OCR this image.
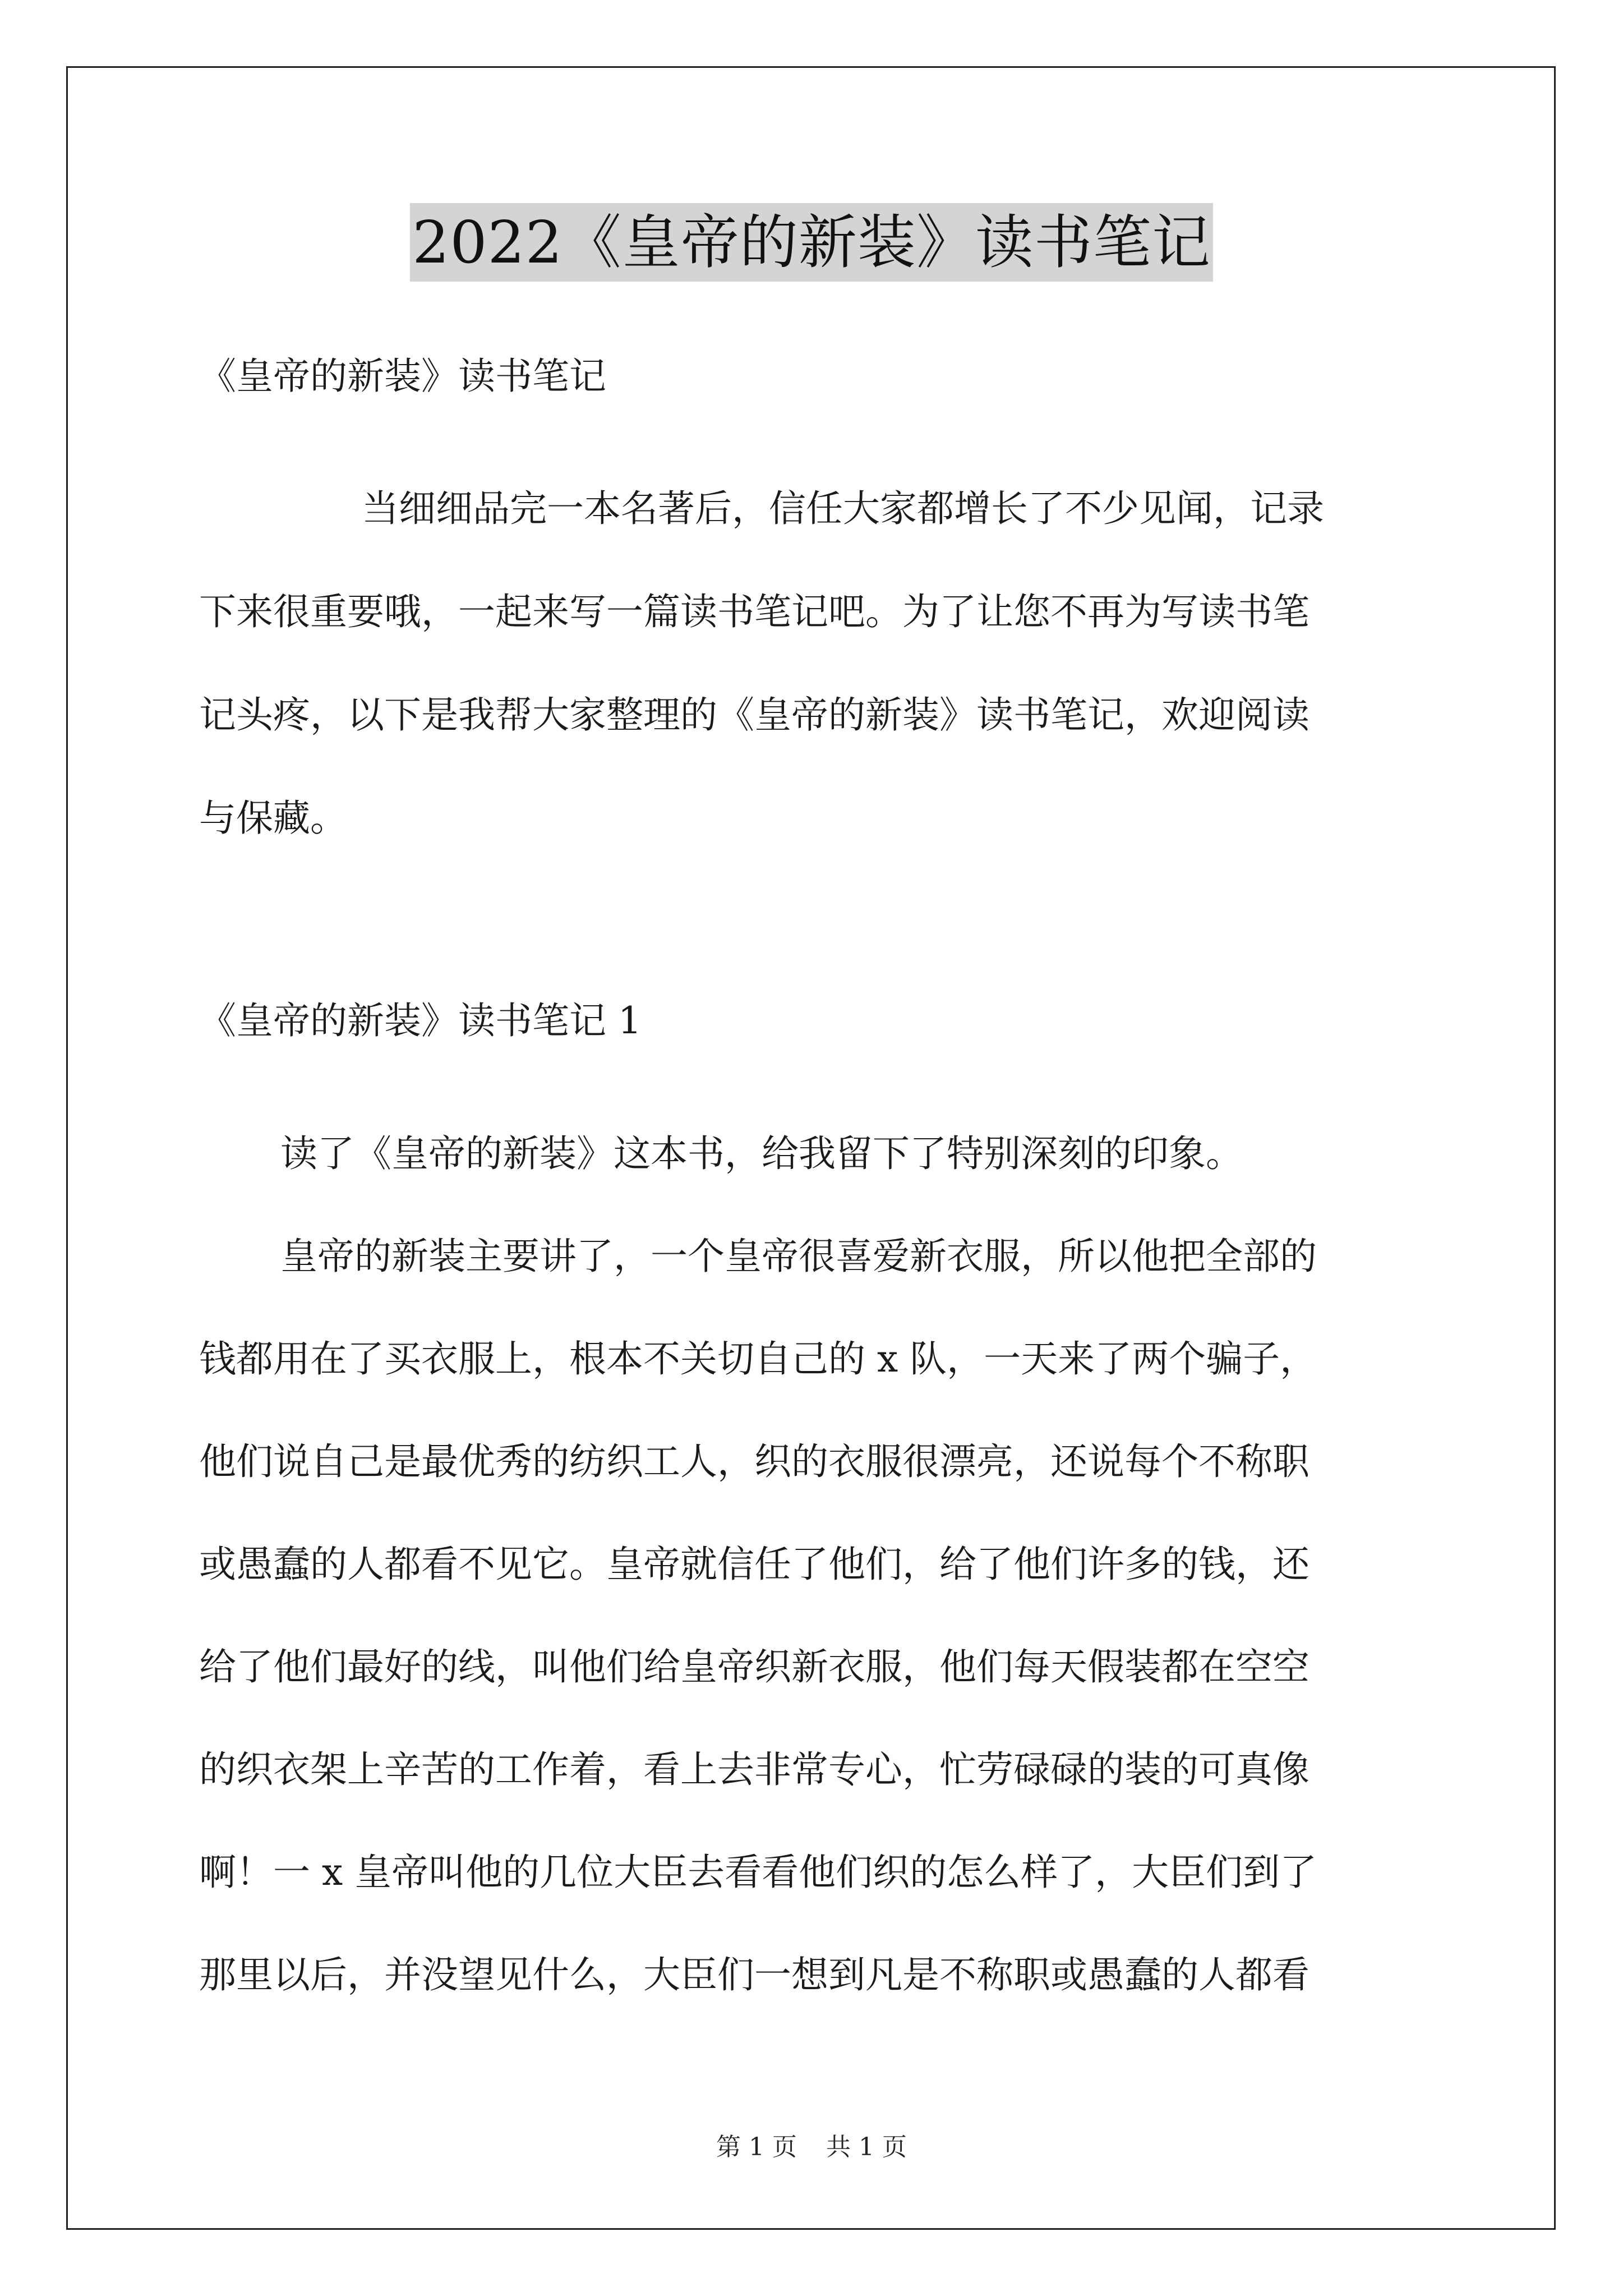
2022《皇帝的新装》读书笔记
《皇帝的新装》读书笔记
当细细品完一本名著后，信任大家都增长了不少见闻，记录
下来很重要哦，一起来写一篇读书笔记吧。为了让您不再为写读书笔
记头疼，以下是我帮大家整理的《皇帝的新装》读书笔记，欢迎阅读
与保藏。
《皇帝的新装》读书笔记 1
读了《皇帝的新装》这本书，给我留下了特别深刻的印象。
皇帝的新装主要讲了，一个皇帝很喜爱新衣服，所以他把全部的
钱都用在了买衣服上，根本不关切自己的 x 队，一天来了两个骗子，
他们说自己是最优秀的纺织工人，织的衣服很漂亮，还说每个不称职
或愚蠢的人都看不见它。皇帝就信任了他们，给了他们许多的钱，还
给了他们最好的线，叫他们给皇帝织新衣服，他们每天假装都在空空
的织衣架上辛苦的工作着，看上去非常专心，忙劳碌碌的装的可真像
啊！一 x 皇帝叫他的几位大臣去看看他们织的怎么样了，大臣们到了
那里以后，并没望见什么，大臣们一想到凡是不称职或愚蠢的人都看
第 1 页 共 1 页
